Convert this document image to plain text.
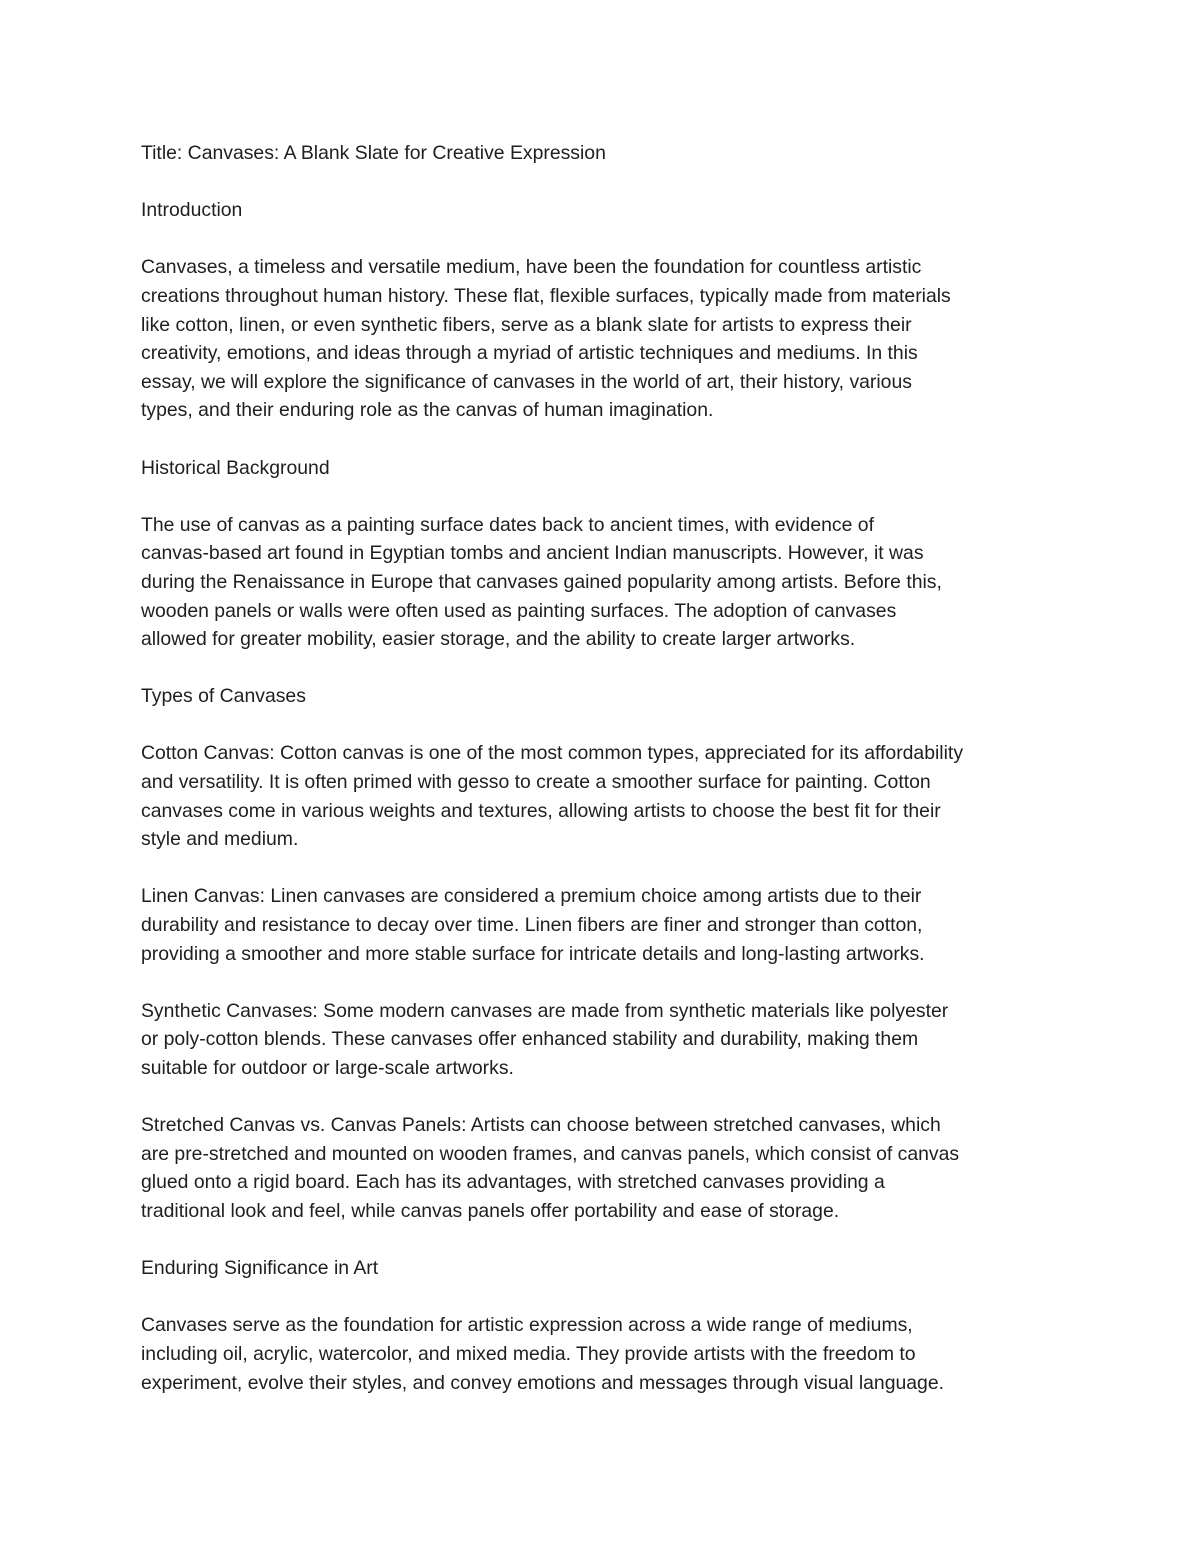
Title: Canvases: A Blank Slate for Creative Expression

Introduction

Canvases, a timeless and versatile medium, have been the foundation for countless artistic
creations throughout human history. These flat, flexible surfaces, typically made from materials
like cotton, linen, or even synthetic fibers, serve as a blank slate for artists to express their
creativity, emotions, and ideas through a myriad of artistic techniques and mediums. In this
essay, we will explore the significance of canvases in the world of art, their history, various
types, and their enduring role as the canvas of human imagination.

Historical Background

The use of canvas as a painting surface dates back to ancient times, with evidence of
canvas-based art found in Egyptian tombs and ancient Indian manuscripts. However, it was
during the Renaissance in Europe that canvases gained popularity among artists. Before this,
wooden panels or walls were often used as painting surfaces. The adoption of canvases
allowed for greater mobility, easier storage, and the ability to create larger artworks.

Types of Canvases

Cotton Canvas: Cotton canvas is one of the most common types, appreciated for its affordability
and versatility. It is often primed with gesso to create a smoother surface for painting. Cotton
canvases come in various weights and textures, allowing artists to choose the best fit for their
style and medium.

Linen Canvas: Linen canvases are considered a premium choice among artists due to their
durability and resistance to decay over time. Linen fibers are finer and stronger than cotton,
providing a smoother and more stable surface for intricate details and long-lasting artworks.

Synthetic Canvases: Some modern canvases are made from synthetic materials like polyester
or poly-cotton blends. These canvases offer enhanced stability and durability, making them
suitable for outdoor or large-scale artworks.

Stretched Canvas vs. Canvas Panels: Artists can choose between stretched canvases, which
are pre-stretched and mounted on wooden frames, and canvas panels, which consist of canvas
glued onto a rigid board. Each has its advantages, with stretched canvases providing a
traditional look and feel, while canvas panels offer portability and ease of storage.

Enduring Significance in Art

Canvases serve as the foundation for artistic expression across a wide range of mediums,
including oil, acrylic, watercolor, and mixed media. They provide artists with the freedom to
experiment, evolve their styles, and convey emotions and messages through visual language.
